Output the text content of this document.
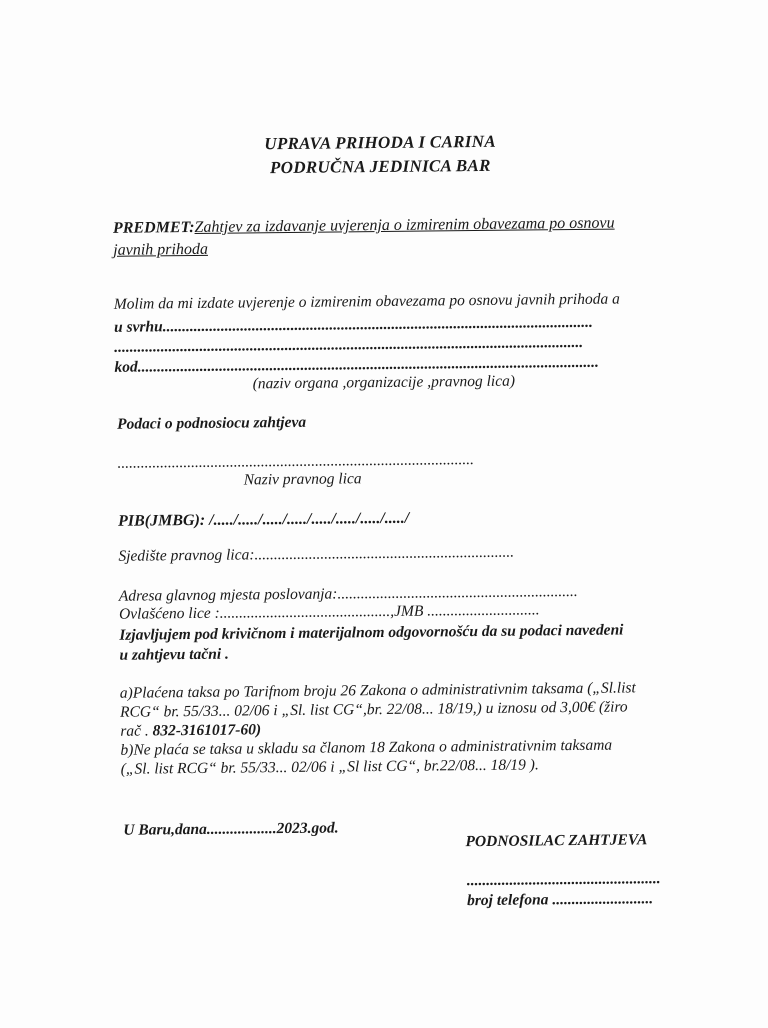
UPRAVA PRIHODA I CARINA
PODRUČNA JEDINICA BAR
PREDMET:Zahtjev za izdavanje uvjerenja o izmirenim obavezama po osnovu
javnih prihoda
Molim da mi izdate uvjerenje o izmirenim obavezama po osnovu javnih prihoda a
u svrhu...............................................................................................................
.........................................................................................................................
kod.......................................................................................................................
(naziv organa ,organizacije ,pravnog lica)
Podaci o podnosiocu zahtjeva
............................................................................................
Naziv pravnog lica
PIB(JMBG): /...../...../...../...../...../...../...../...../
Sjedište pravnog lica:...................................................................
Adresa glavnog mjesta poslovanja:..............................................................
Ovlašćeno lice :............................................,JMB .............................
Izjavljujem pod krivičnom i materijalnom odgovornošću da su podaci navedeni
u zahtjevu tačni .
a)Plaćena taksa po Tarifnom broju 26 Zakona o administrativnim taksama („Sl.list
RCG“ br. 55/33... 02/06 i „Sl. list CG“,br. 22/08... 18/19,) u iznosu od 3,00€ (žiro
rač . 832-3161017-60)
b)Ne plaća se taksa u skladu sa članom 18 Zakona o administrativnim taksama
(„Sl. list RCG“ br. 55/33... 02/06 i „Sl list CG“, br.22/08... 18/19 ).
U Baru,dana..................2023.god.
PODNOSILAC ZAHTJEVA
..................................................
broj telefona ..........................
